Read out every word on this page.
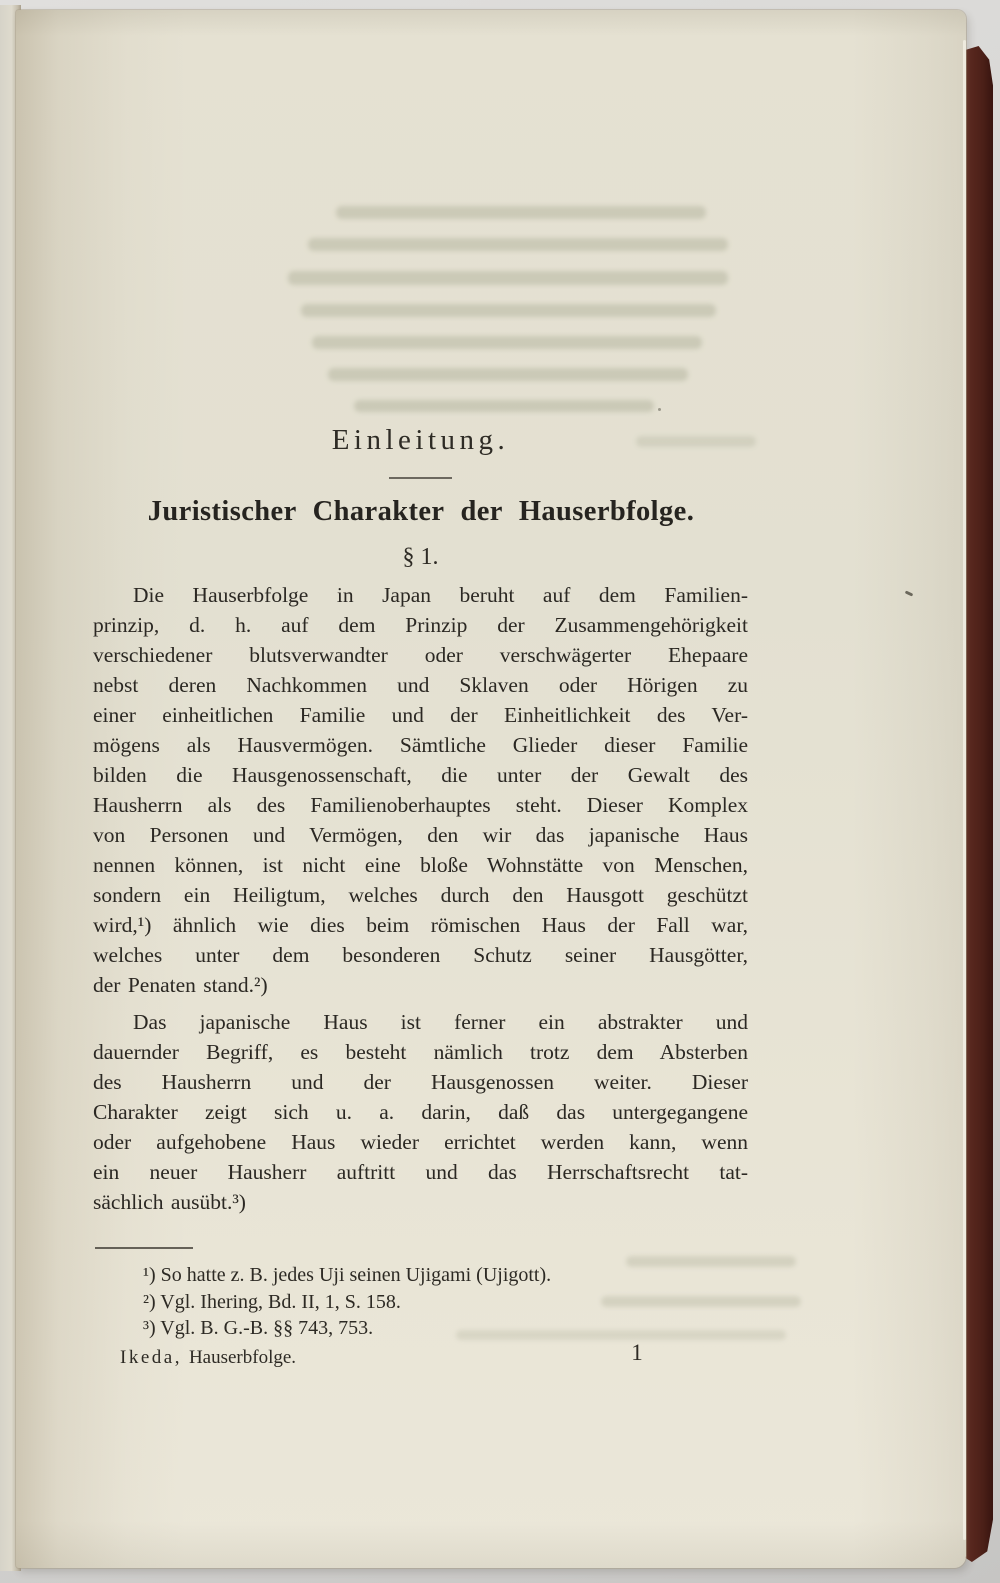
Einleitung.
Juristischer Charakter der Hauserbfolge.
§ 1.
Die Hauserbfolge in Japan beruht auf dem Familien-
prinzip, d. h. auf dem Prinzip der Zusammengehörigkeit
verschiedener blutsverwandter oder verschwägerter Ehepaare
nebst deren Nachkommen und Sklaven oder Hörigen zu
einer einheitlichen Familie und der Einheitlichkeit des Ver-
mögens als Hausvermögen. Sämtliche Glieder dieser Familie
bilden die Hausgenossenschaft, die unter der Gewalt des
Hausherrn als des Familienoberhauptes steht. Dieser Komplex
von Personen und Vermögen, den wir das japanische Haus
nennen können, ist nicht eine bloße Wohnstätte von Menschen,
sondern ein Heiligtum, welches durch den Hausgott geschützt
wird,¹) ähnlich wie dies beim römischen Haus der Fall war,
welches unter dem besonderen Schutz seiner Hausgötter,
der Penaten stand.²)
Das japanische Haus ist ferner ein abstrakter und
dauernder Begriff, es besteht nämlich trotz dem Absterben
des Hausherrn und der Hausgenossen weiter. Dieser
Charakter zeigt sich u. a. darin, daß das untergegangene
oder aufgehobene Haus wieder errichtet werden kann, wenn
ein neuer Hausherr auftritt und das Herrschaftsrecht tat-
sächlich ausübt.³)
¹) So hatte z. B. jedes Uji seinen Ujigami (Ujigott).
²) Vgl. Ihering, Bd. II, 1, S. 158.
³) Vgl. B. G.-B. §§ 743, 753.
Ikeda, Hauserbfolge.	1
